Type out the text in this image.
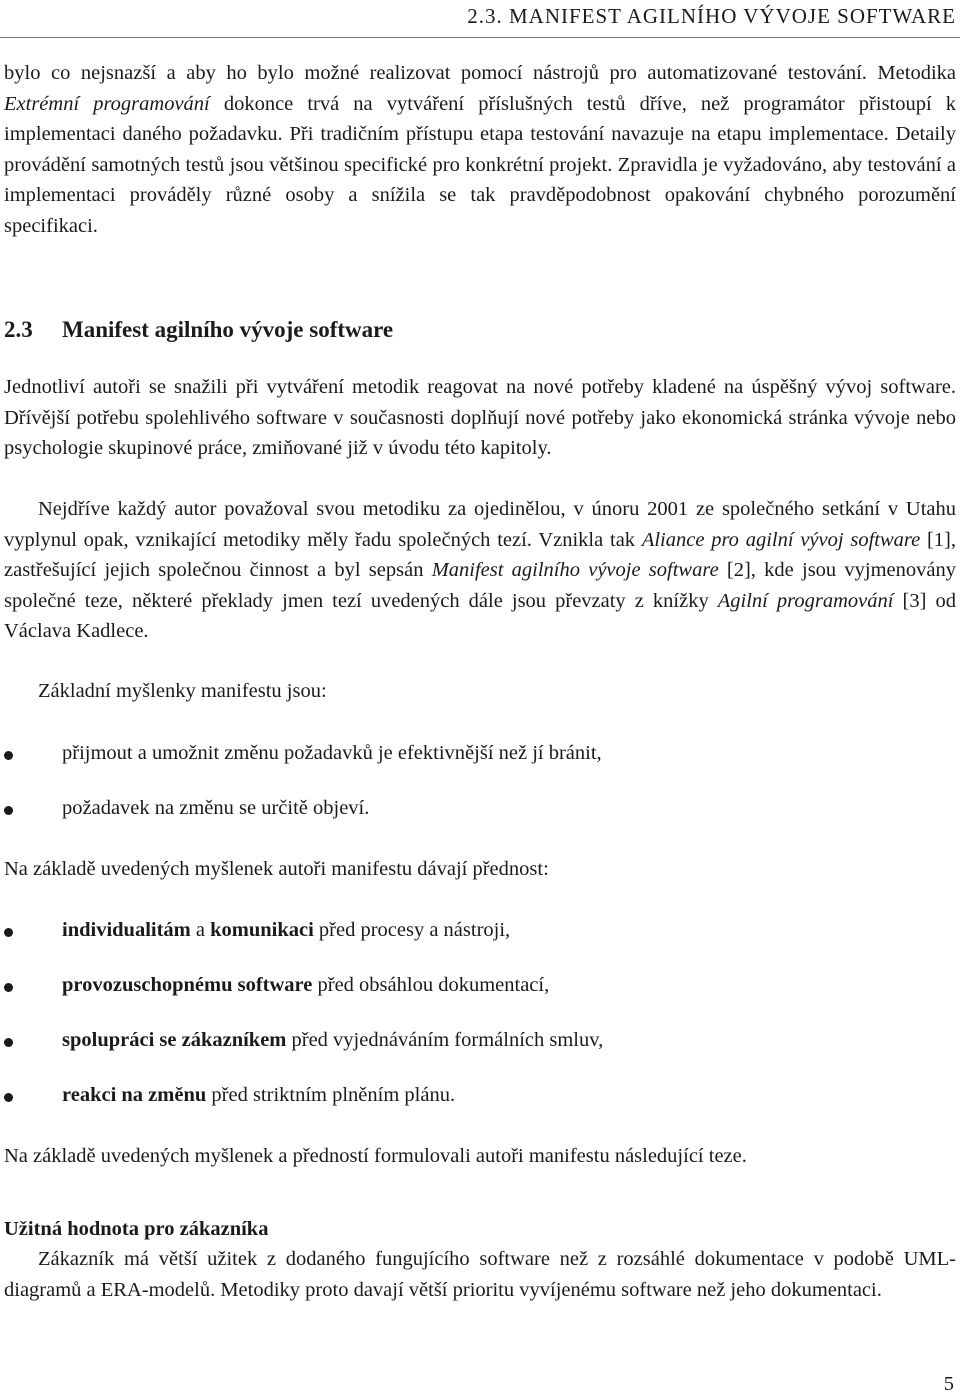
2.3. MANIFEST AGILNÍHO VÝVOJE SOFTWARE

bylo co nejsnazší a aby ho bylo možné realizovat pomocí nástrojů pro automatizované testování. Metodika Extrémní programování dokonce trvá na vytváření příslušných testů dříve, než programátor přistoupí k implementaci daného požadavku. Při tradičním přístupu etapa testování navazuje na etapu implementace. Detaily provádění samotných testů jsou většinou specifické pro konkrétní projekt. Zpravidla je vyžadováno, aby testování a implementaci prováděly různé osoby a snížila se tak pravděpodobnost opakování chybného porozumění specifikaci.

2.3 Manifest agilního vývoje software

Jednotliví autoři se snažili při vytváření metodik reagovat na nové potřeby kladené na úspěšný vývoj software. Dřívější potřebu spolehlivého software v současnosti doplňují nové potřeby jako ekonomická stránka vývoje nebo psychologie skupinové práce, zmiňované již v úvodu této kapitoly.

Nejdříve každý autor považoval svou metodiku za ojedinělou, v únoru 2001 ze společného setkání v Utahu vyplynul opak, vznikající metodiky měly řadu společných tezí. Vznikla tak Aliance pro agilní vývoj software [1], zastřešující jejich společnou činnost a byl sepsán Manifest agilního vývoje software [2], kde jsou vyjmenovány společné teze, některé překlady jmen tezí uvedených dále jsou převzaty z knížky Agilní programování [3] od Václava Kadlece.

Základní myšlenky manifestu jsou:

přijmout a umožnit změnu požadavků je efektivnější než jí bránit,
požadavek na změnu se určitě objeví.

Na základě uvedených myšlenek autoři manifestu dávají přednost:

individualitám a komunikaci před procesy a nástroji,
provozuschopnému software před obsáhlou dokumentací,
spolupráci se zákazníkem před vyjednáváním formálních smluv,
reakci na změnu před striktním plněním plánu.

Na základě uvedených myšlenek a předností formulovali autoři manifestu následující teze.

Užitná hodnota pro zákazníka

Zákazník má větší užitek z dodaného fungujícího software než z rozsáhlé dokumentace v podobě UML-diagramů a ERA-modelů. Metodiky proto davají větší prioritu vyvíjenému software než jeho dokumentaci.

5
